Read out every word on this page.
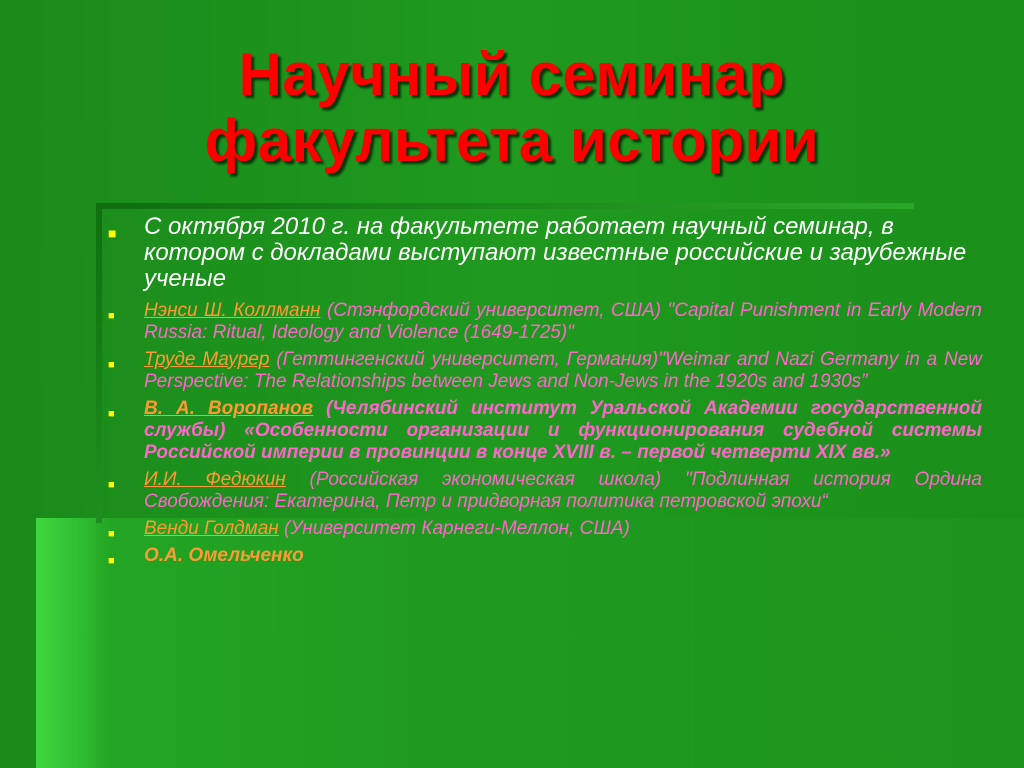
Научный семинар
факультета истории
■ С октября 2010 г. на факультете работает научный семинар, в котором с докладами выступают известные российские и зарубежные ученые
■ Нэнси Ш. Коллманн (Стэнфордский университет, США) "Capital Punishment in Early Modern Russia: Ritual, Ideology and Violence (1649-1725)"
■ Труде Маурер (Геттингенский университет, Германия)"Weimar and Nazi Germany in a New Perspective: The Relationships between Jews and Non-Jews in the 1920s and 1930s”
■ В. А. Воропанов (Челябинский институт Уральской Академии государственной службы) «Особенности организации и функционирования судебной системы Российской империи в провинции в конце XVIII в. – первой четверти XIX вв.»
■ И.И. Федюкин (Российская экономическая школа) "Подлинная история Ордина Свобождения: Екатерина, Петр и придворная политика петровской эпохи“
■ Венди Голдман (Университет Карнеги-Меллон, США)
■ О.А. Омельченко
